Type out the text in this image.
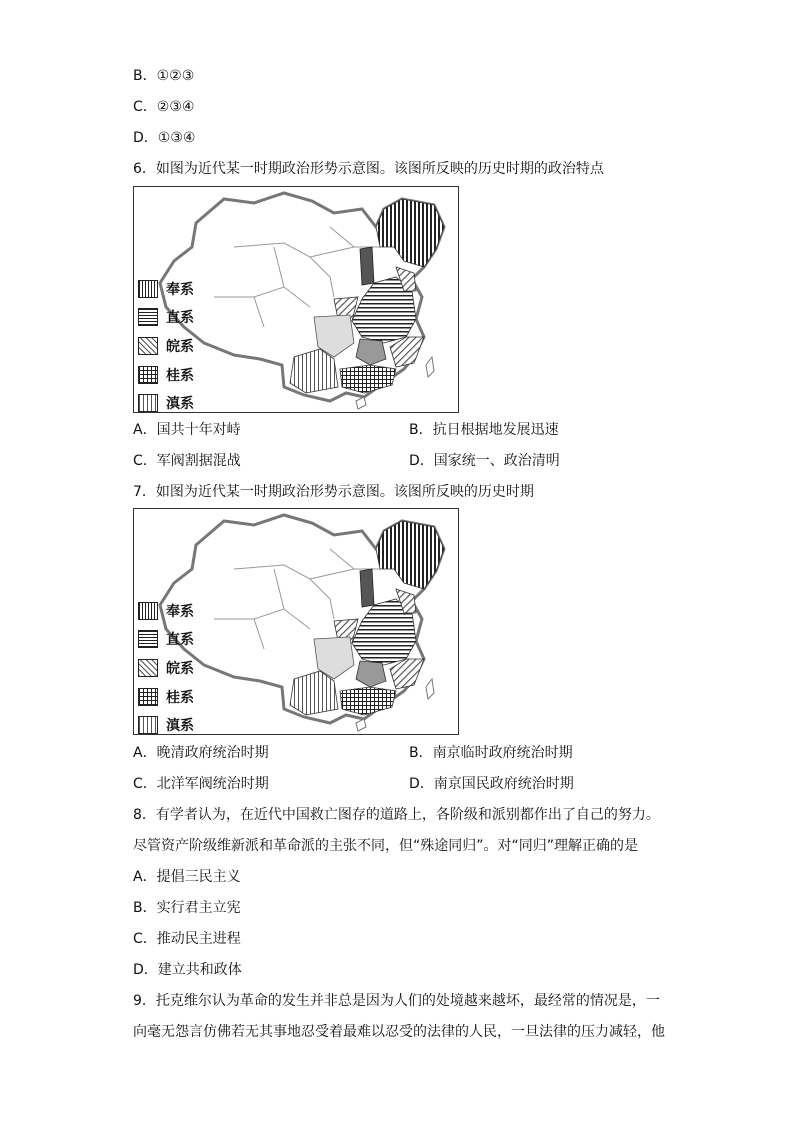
B．①②③
C．②③④
D．①③④
6．如图为近代某一时期政治形势示意图。该图所反映的历史时期的政治特点
奉系
直系
皖系
桂系
滇系
A．国共十年对峙	B．抗日根据地发展迅速
C．军阀割据混战	D．国家统一、政治清明
7．如图为近代某一时期政治形势示意图。该图所反映的历史时期
奉系
直系
皖系
桂系
滇系
A．晚清政府统治时期	B．南京临时政府统治时期
C．北洋军阀统治时期	D．南京国民政府统治时期
8．有学者认为，在近代中国救亡图存的道路上，各阶级和派别都作出了自己的努力。
尽管资产阶级维新派和革命派的主张不同，但“殊途同归”。对“同归”理解正确的是
A．提倡三民主义
B．实行君主立宪
C．推动民主进程
D．建立共和政体
9．托克维尔认为革命的发生并非总是因为人们的处境越来越坏，最经常的情况是，一
向毫无怨言仿佛若无其事地忍受着最难以忍受的法律的人民，一旦法律的压力减轻，他
